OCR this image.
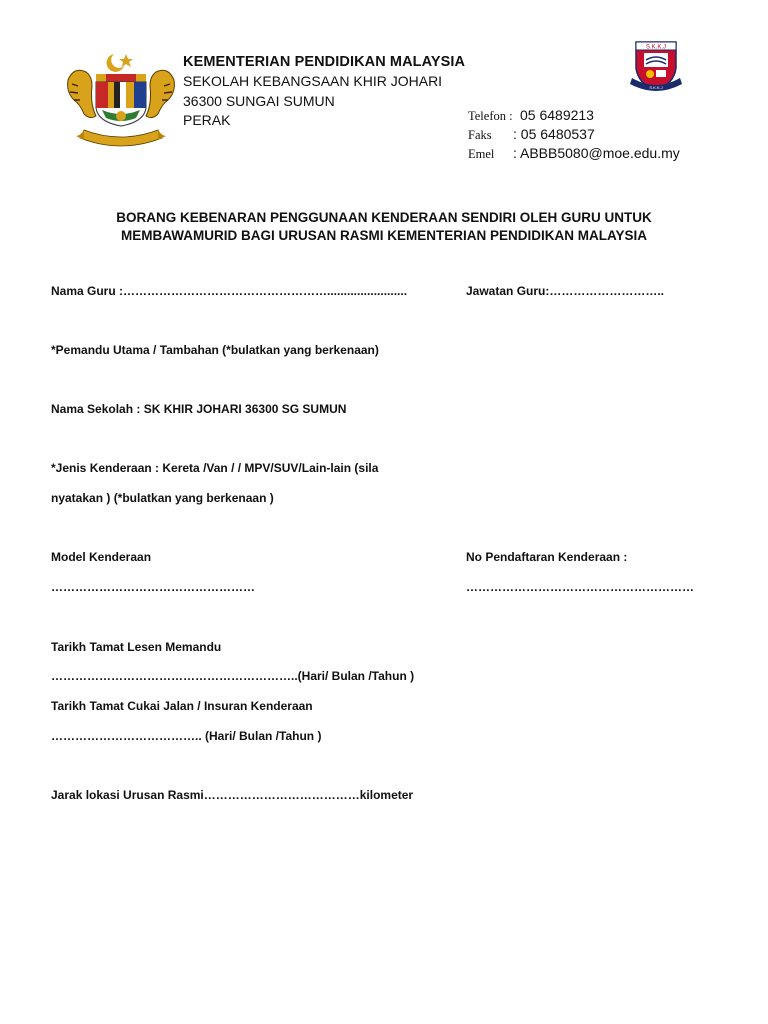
S.K.K.J
S.K.K.J
KEMENTERIAN PENDIDIKAN MALAYSIA
SEKOLAH KEBANGSAAN KHIR JOHARI
36300 SUNGAI SUMUN
PERAK	Telefon : 05 6489213
Faks : 05 6480537
Emel : ABBB5080@moe.edu.my
BORANG KEBENARAN PENGGUNAAN KENDERAAN SENDIRI OLEH GURU UNTUK
MEMBAWAMURID BAGI URUSAN RASMI KEMENTERIAN PENDIDIKAN MALAYSIA
Nama Guru :……………………………………………........................	Jawatan Guru:………………………..
*Pemandu Utama / Tambahan (*bulatkan yang berkenaan)
Nama Sekolah : SK KHIR JOHARI 36300 SG SUMUN
*Jenis Kenderaan : Kereta /Van / / MPV/SUV/Lain-lain (sila
nyatakan ) (*bulatkan yang berkenaan )
Model Kenderaan	No Pendaftaran Kenderaan :
……………………………………………	…………………………………………………
Tarikh Tamat Lesen Memandu
……………………………………………………..(Hari/ Bulan /Tahun )
Tarikh Tamat Cukai Jalan / Insuran Kenderaan
……………………………….. (Hari/ Bulan /Tahun )
Jarak lokasi Urusan Rasmi…………………………………kilometer
